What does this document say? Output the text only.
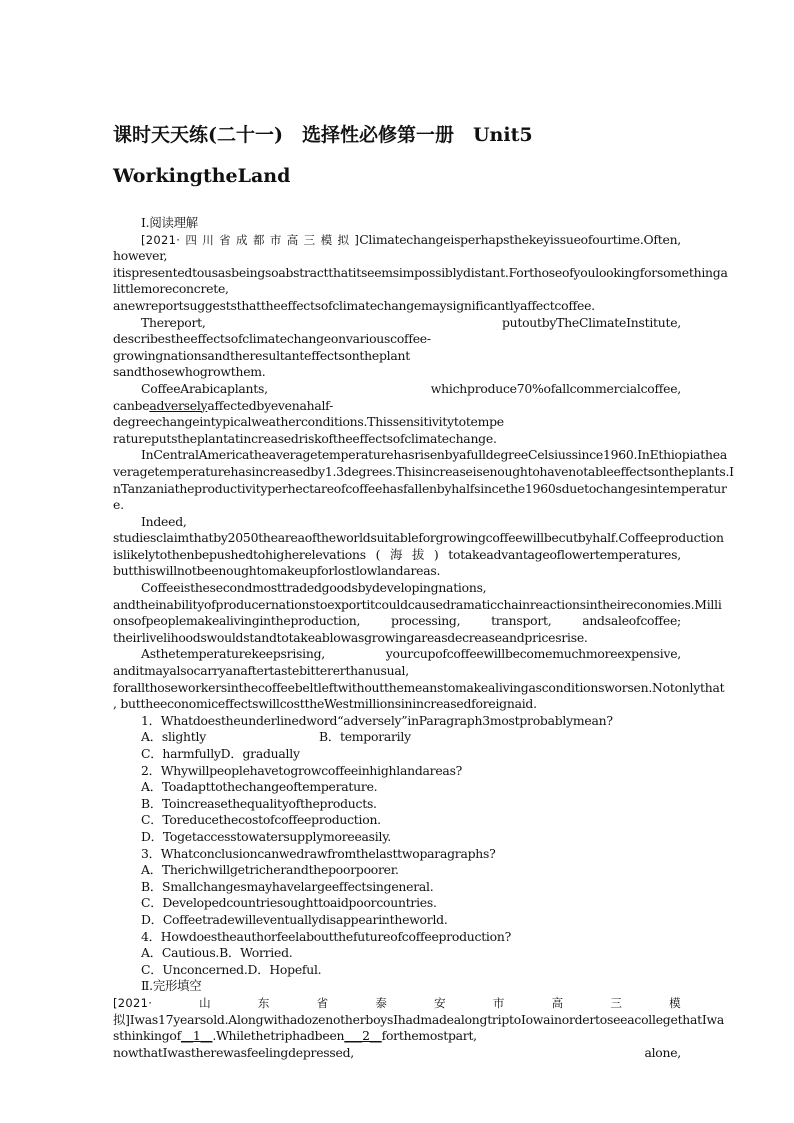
课时天天练(二十一)　选择性必修第一册　Unit5
WorkingtheLand

Ⅰ.阅读理解

[2021·四川省成都市高三模拟]Climatechangeisperhapsthekeyissueofourtime.Often, however,

itispresentedtousasbeingsoabstractthatitseemsimpossiblydistant.Forthoseofyoulookingforsomethinga

littlemoreconcrete, anewreportsuggeststhattheeffectsofclimatechangemaysignificantlyaffectcoffee.

Thereport,	putoutbyTheClimateInstitute,

describestheeffectsofclimatechangeonvariouscoffee-growingnationsandtheresultanteffectsontheplant

sandthosewhogrowthem.

CoffeeArabicaplants,	whichproduce70%ofallcommercialcoffee,

canbeadverselyaffectedbyevenahalf-degreechangeintypicalweatherconditions.Thissensitivitytotempe

ratureputstheplantatincreasedriskoftheeffectsofclimatechange.

InCentralAmericatheaveragetemperaturehasrisenbyafulldegreeCelsiussince1960.InEthiopiathea

veragetemperaturehasincreasedby1.3degrees.Thisincreaseisenoughtohavenotableeffectsontheplants.I

nTanzaniatheproductivityperhectareofcoffeehasfallenbyhalfsincethe1960sduetochangesintemperatur

e.

Indeed,

studiesclaimthatby2050theareaoftheworldsuitableforgrowingcoffeewillbecutbyhalf.Coffeeproduction

islikelytothenbepushedtohigherelevations ( 海 拔 ) totakeadvantageoflowertemperatures,

butthiswillnotbeenoughtomakeupforlostlowlandareas.

Coffeeisthesecondmosttradedgoodsbydevelopingnations,

andtheinabilityofproducernationstoexportitcouldcausedramaticchainreactionsintheireconomies.Milli

onsofpeoplemakealivingintheproduction, processing, transport, andsaleofcoffee;

theirlivelihoodswouldstandtotakeablowasgrowingareasdecreaseandpricesrise.

Asthetemperaturekeepsrising,	yourcupofcoffeewillbecomemuchmoreexpensive,

anditmayalsocarryanaftertastebittererthanusual,

forallthoseworkersinthecoffeebeltleftwithoutthemeanstomakealivingasconditionsworsen.Notonlythat

, buttheeconomiceffectswillcosttheWestmillionsinincreasedforeignaid.

1．Whatdoestheunderlinedword“adversely”inParagraph3mostprobablymean?

A．slightly	B．temporarily

C．harmfullyD．gradually

2．Whywillpeoplehavetogrowcoffeeinhighlandareas?

A．Toadapttothechangeoftemperature.

B．Toincreasethequalityoftheproducts.

C．Toreducethecostofcoffeeproduction.

D．Togetaccesstowatersupplymoreeasily.

3．Whatconclusioncanwedrawfromthelasttwoparagraphs?

A．Therichwillgetricherandthepoorpoorer.

B．Smallchangesmayhavelargeeffectsingeneral.

C．Developedcountriesoughttoaidpoorcountries.

D．Coffeetradewilleventuallydisappearintheworld.

4．Howdoestheauthorfeelaboutthefutureofcoffeeproduction?

A．Cautious.B．Worried.

C．Unconcerned.D．Hopeful.

Ⅱ.完形填空

[2021·	山	东	省	泰	安	市	高	三	模

拟]Iwas17yearsold.AlongwithadozenotherboysIhadmadealongtriptoIowainordertoseeacollegethatIwa

sthinkingof__1__.Whilethetriphadbeen___2__forthemostpart,

nowthatIwastherewasfeelingdepressed,	alone,
